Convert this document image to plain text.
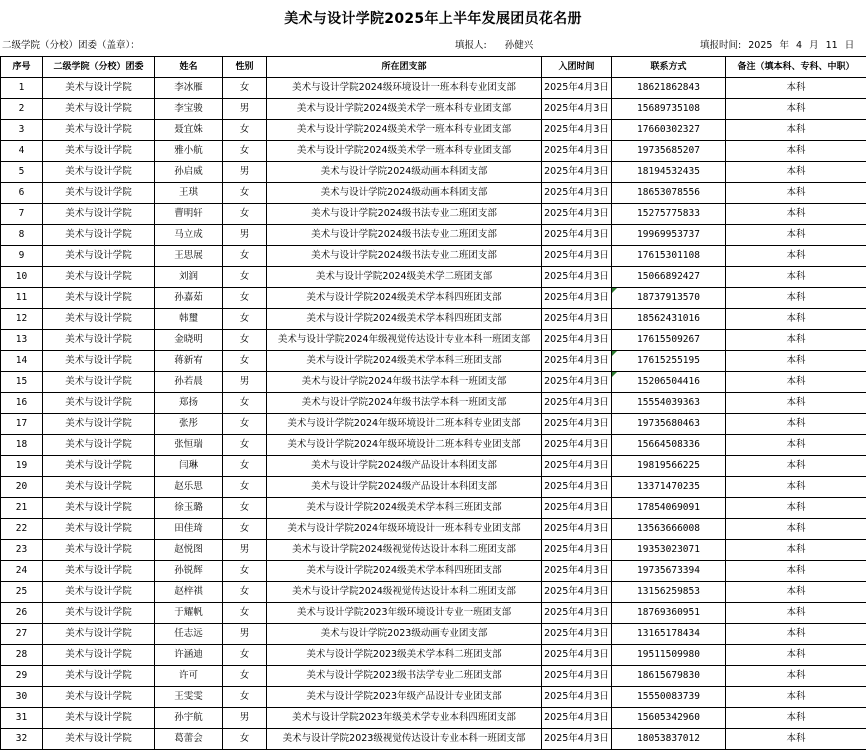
美术与设计学院2025年上半年发展团员花名册
二级学院（分校）团委（盖章）：	填报人: 孙健兴	填报时间: 2025 年 4 月 11 日
序号	二级学院（分校）团委	姓名	性别	所在团支部	入团时间	联系方式	备注（填本科、专科、中职）
1	美术与设计学院	李冰雁	女	美术与设计学院2024级环境设计一班本科专业团支部	2025年4月3日	18621862843	本科
2	美术与设计学院	李宝骏	男	美术与设计学院2024级美术学一班本科专业团支部	2025年4月3日	15689735108	本科
3	美术与设计学院	聂宜姝	女	美术与设计学院2024级美术学一班本科专业团支部	2025年4月3日	17660302327	本科
4	美术与设计学院	雅小航	女	美术与设计学院2024级美术学一班本科专业团支部	2025年4月3日	19735685207	本科
5	美术与设计学院	孙启威	男	美术与设计学院2024级动画本科团支部	2025年4月3日	18194532435	本科
6	美术与设计学院	王琪	女	美术与设计学院2024级动画本科团支部	2025年4月3日	18653078556	本科
7	美术与设计学院	曹明轩	女	美术与设计学院2024级书法专业二班团支部	2025年4月3日	15275775833	本科
8	美术与设计学院	马立成	男	美术与设计学院2024级书法专业二班团支部	2025年4月3日	19969953737	本科
9	美术与设计学院	王思展	女	美术与设计学院2024级书法专业二班团支部	2025年4月3日	17615301108	本科
10	美术与设计学院	刘润	女	美术与设计学院2024级美术学二班团支部	2025年4月3日	15066892427	本科
11	美术与设计学院	孙嘉茹	女	美术与设计学院2024级美术学本科四班团支部	2025年4月3日	18737913570	本科
12	美术与设计学院	韩璽	女	美术与设计学院2024级美术学本科四班团支部	2025年4月3日	18562431016	本科
13	美术与设计学院	金晓明	女	美术与设计学院2024年级视觉传达设计专业本科一班团支部	2025年4月3日	17615509267	本科
14	美术与设计学院	蒋新宥	女	美术与设计学院2024级美术学本科三班团支部	2025年4月3日	17615255195	本科
15	美术与设计学院	孙若晨	男	美术与设计学院2024年级书法学本科一班团支部	2025年4月3日	15206504416	本科
16	美术与设计学院	郑扬	女	美术与设计学院2024年级书法学本科一班团支部	2025年4月3日	15554039363	本科
17	美术与设计学院	张彤	女	美术与设计学院2024年级环境设计二班本科专业团支部	2025年4月3日	19735680463	本科
18	美术与设计学院	张恒瑞	女	美术与设计学院2024年级环境设计二班本科专业团支部	2025年4月3日	15664508336	本科
19	美术与设计学院	闫琳	女	美术与设计学院2024级产品设计本科团支部	2025年4月3日	19819566225	本科
20	美术与设计学院	赵乐思	女	美术与设计学院2024级产品设计本科团支部	2025年4月3日	13371470235	本科
21	美术与设计学院	徐玉璐	女	美术与设计学院2024级美术学本科三班团支部	2025年4月3日	17854069091	本科
22	美术与设计学院	田佳琦	女	美术与设计学院2024年级环境设计一班本科专业团支部	2025年4月3日	13563666008	本科
23	美术与设计学院	赵悦图	男	美术与设计学院2024级视觉传达设计本科二班团支部	2025年4月3日	19353023071	本科
24	美术与设计学院	孙锐辉	女	美术与设计学院2024级美术学本科四班团支部	2025年4月3日	19735673394	本科
25	美术与设计学院	赵梓祺	女	美术与设计学院2024级视觉传达设计本科二班团支部	2025年4月3日	13156259853	本科
26	美术与设计学院	于耀帆	女	美术与设计学院2023年级环境设计专业一班团支部	2025年4月3日	18769360951	本科
27	美术与设计学院	任志远	男	美术与设计学院2023级动画专业团支部	2025年4月3日	13165178434	本科
28	美术与设计学院	许涵迪	女	美术与设计学院2023级美术学本科二班团支部	2025年4月3日	19511509980	本科
29	美术与设计学院	许可	女	美术与设计学院2023级书法学专业二班团支部	2025年4月3日	18615679830	本科
30	美术与设计学院	王雯雯	女	美术与设计学院2023年级产品设计专业团支部	2025年4月3日	15550083739	本科
31	美术与设计学院	孙宇航	男	美术与设计学院2023年级美术学专业本科四班团支部	2025年4月3日	15605342960	本科
32	美术与设计学院	葛蕾会	女	美术与设计学院2023级视觉传达设计专业本科一班团支部	2025年4月3日	18053837012	本科
